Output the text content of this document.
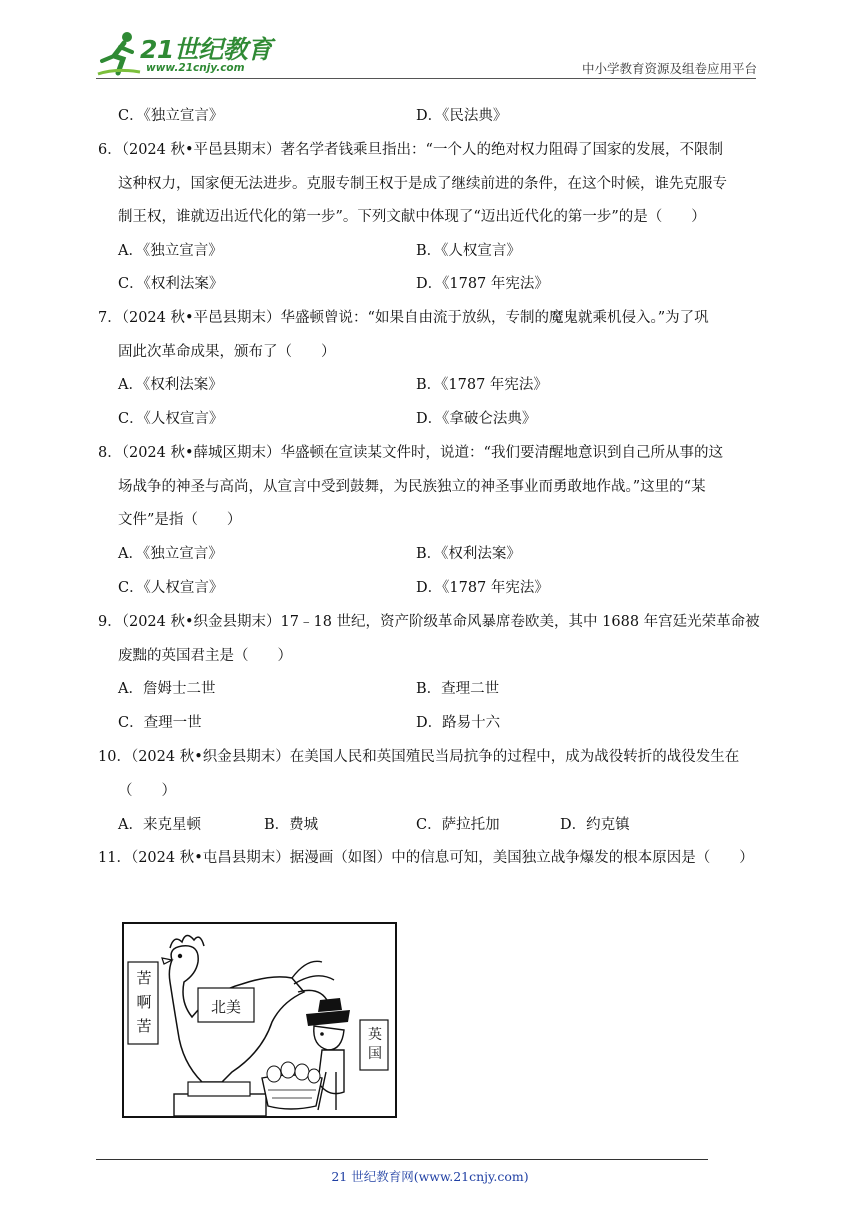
21世纪教育
www.21cnjy.com	中小学教育资源及组卷应用平台
C．《独立宣言》	D．《民法典》
6．（2024 秋•平邑县期末）著名学者钱乘旦指出：“一个人的绝对权力阻碍了国家的发展，不限制
这种权力，国家便无法进步。克服专制王权于是成了继续前进的条件，在这个时候，谁先克服专
制王权，谁就迈出近代化的第一步”。下列文献中体现了“迈出近代化的第一步”的是（　　）
A．《独立宣言》	B．《人权宣言》
C．《权利法案》	D．《1787 年宪法》
7．（2024 秋•平邑县期末）华盛顿曾说：“如果自由流于放纵，专制的魔鬼就乘机侵入。”为了巩
固此次革命成果，颁布了（　　）
A．《权利法案》	B．《1787 年宪法》
C．《人权宣言》	D．《拿破仑法典》
8．（2024 秋•薛城区期末）华盛顿在宣读某文件时，说道：“我们要清醒地意识到自己所从事的这
场战争的神圣与高尚，从宣言中受到鼓舞，为民族独立的神圣事业而勇敢地作战。”这里的“某
文件”是指（　　）
A．《独立宣言》	B．《权利法案》
C．《人权宣言》	D．《1787 年宪法》
9．（2024 秋•织金县期末）17﹣18 世纪，资产阶级革命风暴席卷欧美，其中 1688 年宫廷光荣革命被
废黜的英国君主是（　　）
A．詹姆士二世	B．查理二世
C．查理一世	D．路易十六
10．（2024 秋•织金县期末）在美国人民和英国殖民当局抗争的过程中，成为战役转折的战役发生在
（　　）
A．来克星顿	B．费城	C．萨拉托加	D．约克镇
11．（2024 秋•屯昌县期末）据漫画（如图）中的信息可知，美国独立战争爆发的根本原因是（　　）
苦啊苦
北美
英国
21 世纪教育网(www.21cnjy.com)
